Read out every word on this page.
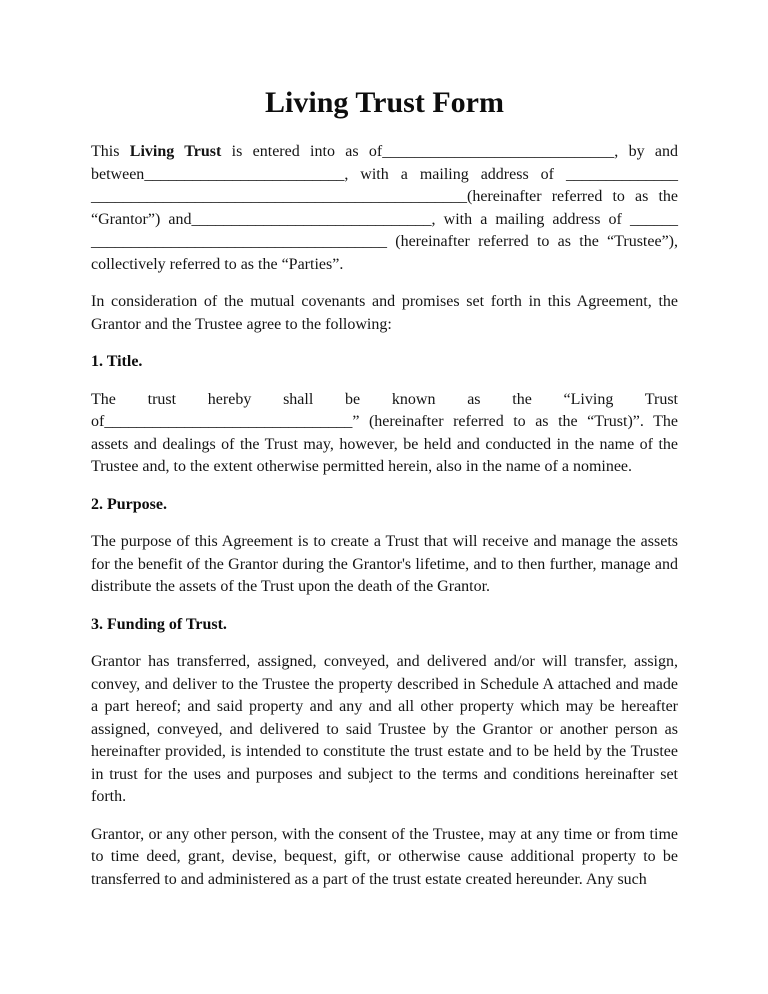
Living Trust Form

This Living Trust is entered into as of_____________________________, by and between_________________________, with a mailing address of ______________ _______________________________________________(hereinafter referred to as the “Grantor”) and______________________________, with a mailing address of ______ _____________________________________ (hereinafter referred to as the “Trustee”), collectively referred to as the “Parties”.

In consideration of the mutual covenants and promises set forth in this Agreement, the Grantor and the Trustee agree to the following:

1. Title.

The trust hereby shall be known as the “Living Trust of_______________________________” (hereinafter referred to as the “Trust)”. The assets and dealings of the Trust may, however, be held and conducted in the name of the Trustee and, to the extent otherwise permitted herein, also in the name of a nominee.

2. Purpose.

The purpose of this Agreement is to create a Trust that will receive and manage the assets for the benefit of the Grantor during the Grantor's lifetime, and to then further, manage and distribute the assets of the Trust upon the death of the Grantor.

3. Funding of Trust.

Grantor has transferred, assigned, conveyed, and delivered and/or will transfer, assign, convey, and deliver to the Trustee the property described in Schedule A attached and made a part hereof; and said property and any and all other property which may be hereafter assigned, conveyed, and delivered to said Trustee by the Grantor or another person as hereinafter provided, is intended to constitute the trust estate and to be held by the Trustee in trust for the uses and purposes and subject to the terms and conditions hereinafter set forth.

Grantor, or any other person, with the consent of the Trustee, may at any time or from time to time deed, grant, devise, bequest, gift, or otherwise cause additional property to be transferred to and administered as a part of the trust estate created hereunder. Any such
